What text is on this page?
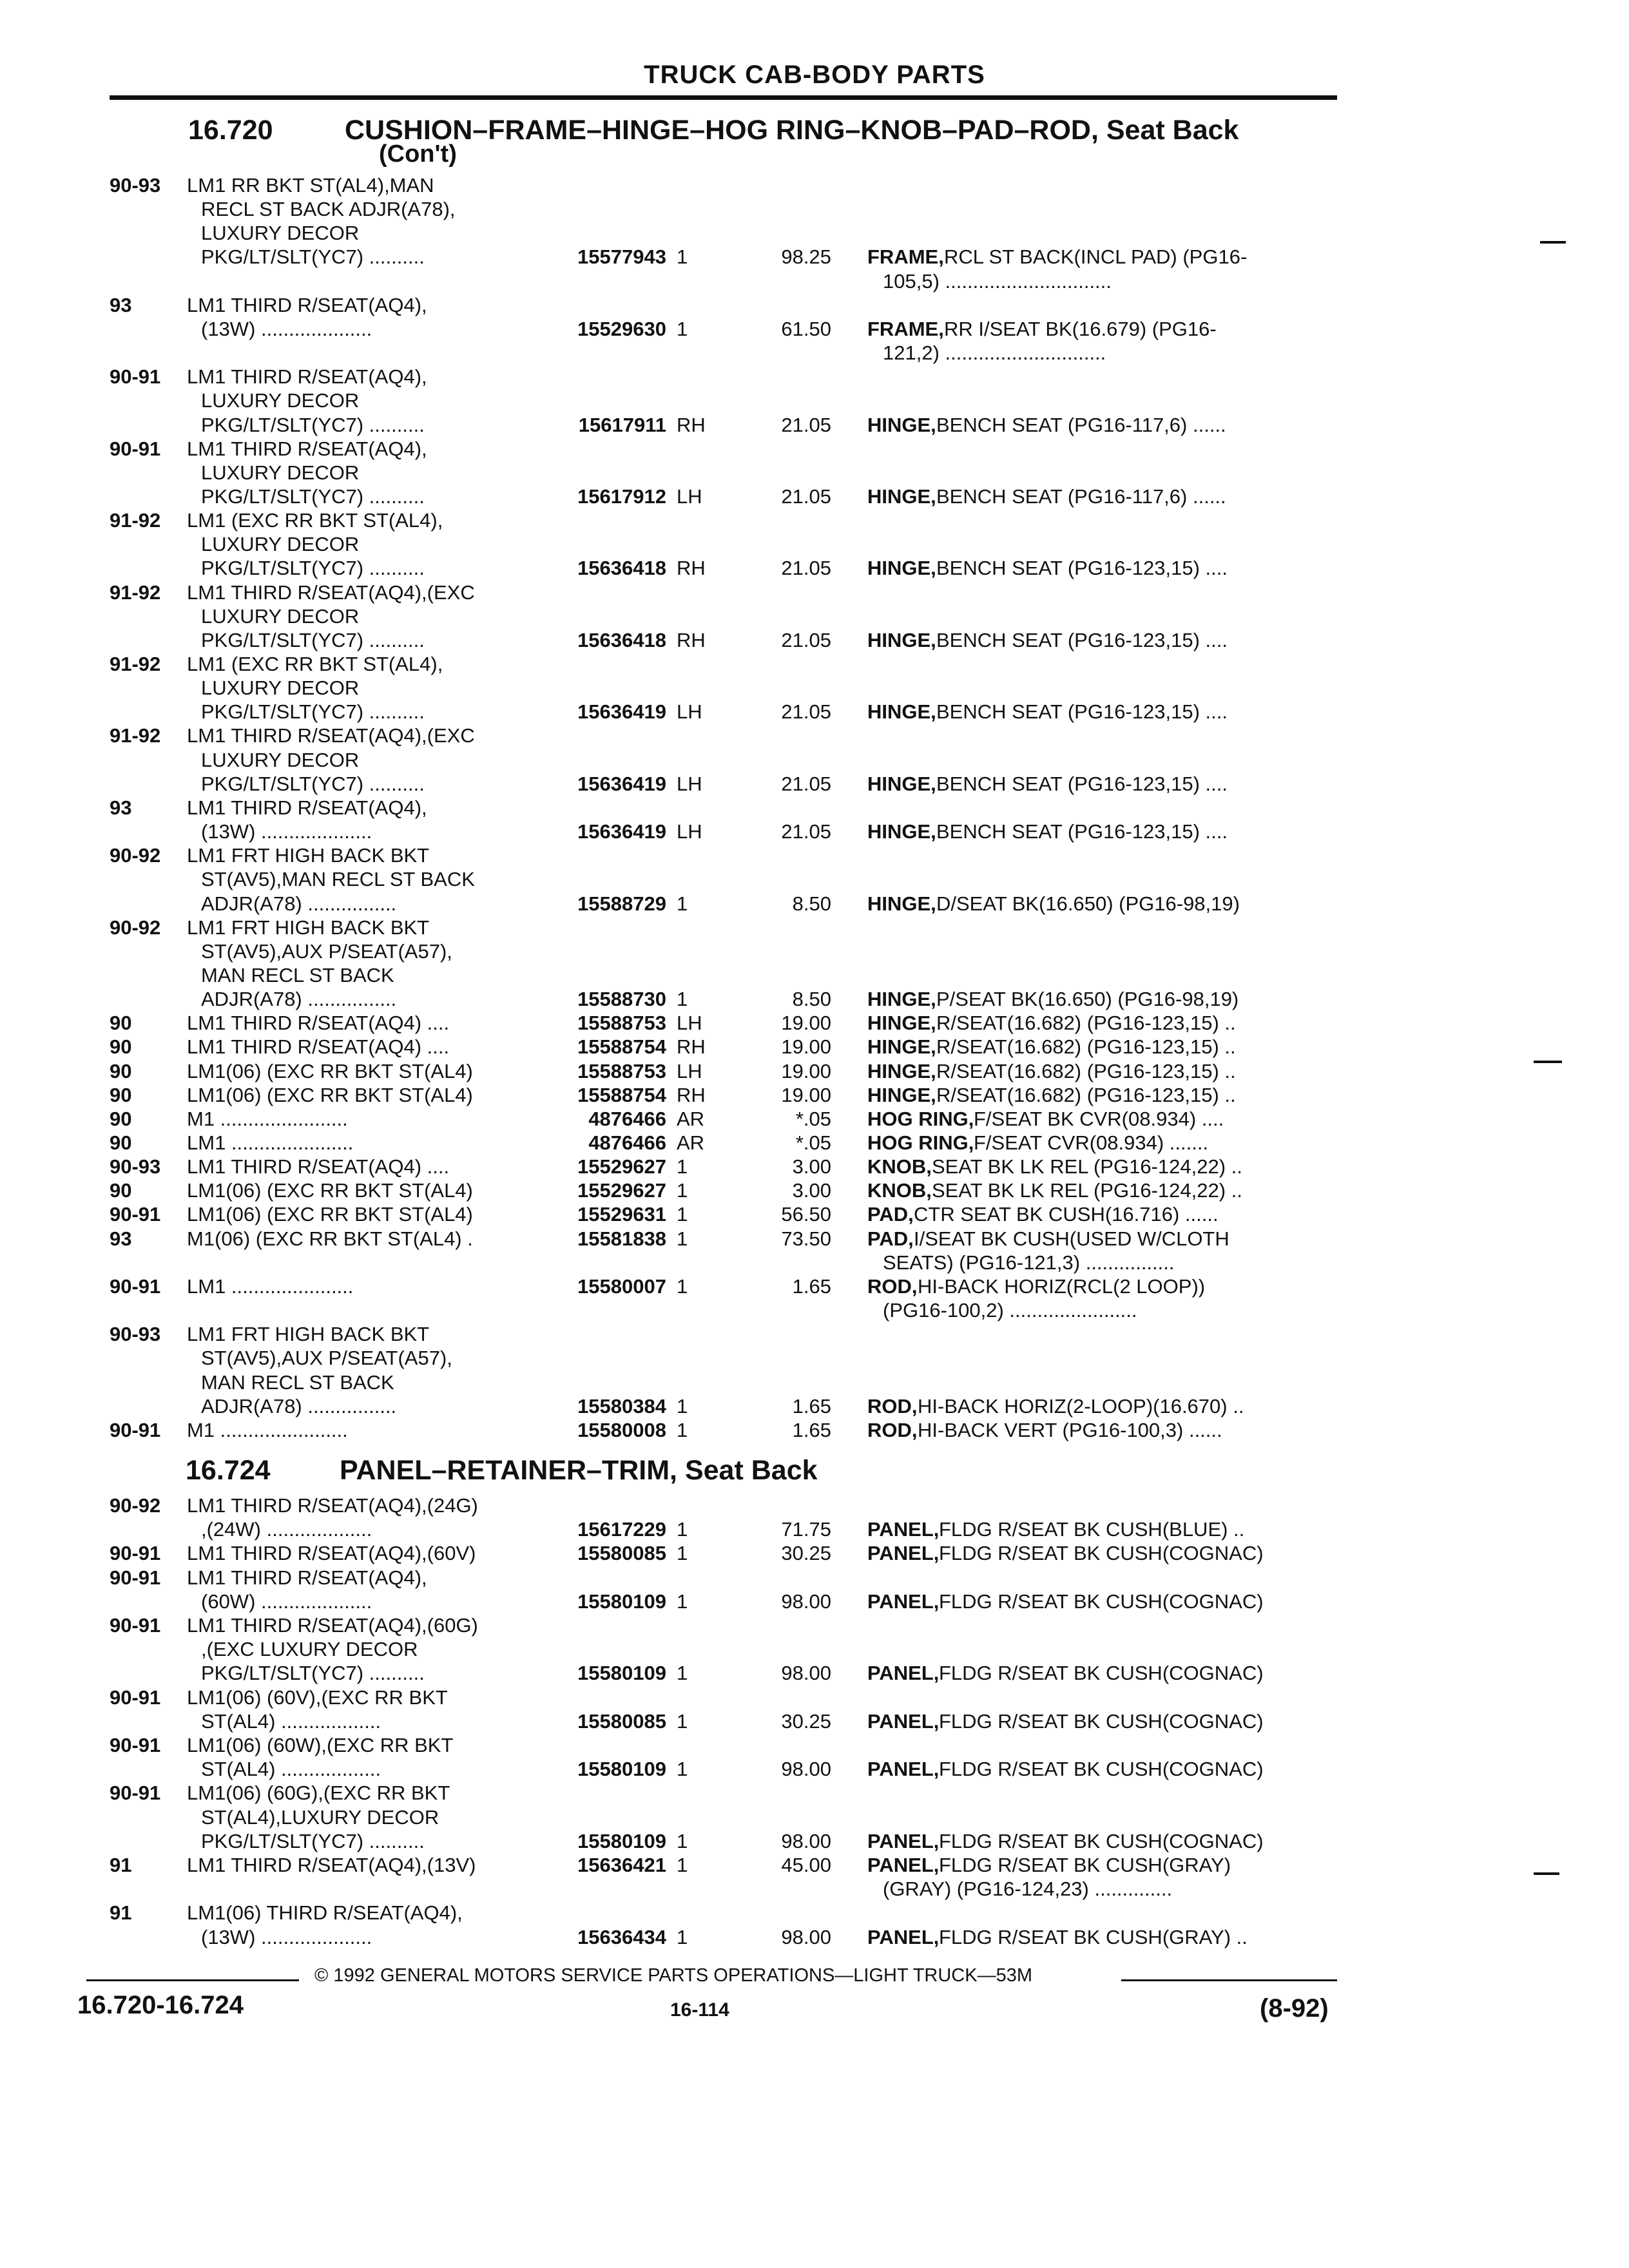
TRUCK CAB-BODY PARTS
16.720	CUSHION–FRAME–HINGE–HOG RING–KNOB–PAD–ROD, Seat Back
(Con't)
90-93 LM1 RR BKT ST(AL4),MAN
RECL ST BACK ADJR(A78),
LUXURY DECOR
PKG/LT/SLT(YC7) ..........	15577943 1	98.25 FRAME, RCL ST BACK(INCL PAD) (PG16-
105,5) ..............................
93	LM1 THIRD R/SEAT(AQ4),
(13W) ....................	15529630 1	61.50 FRAME, RR I/SEAT BK(16.679) (PG16-
121,2) .............................
90-91 LM1 THIRD R/SEAT(AQ4),
LUXURY DECOR
PKG/LT/SLT(YC7) ..........	15617911 RH	21.05 HINGE, BENCH SEAT (PG16-117,6) ......
90-91 LM1 THIRD R/SEAT(AQ4),
LUXURY DECOR
PKG/LT/SLT(YC7) ..........	15617912 LH	21.05 HINGE, BENCH SEAT (PG16-117,6) ......
91-92 LM1 (EXC RR BKT ST(AL4),
LUXURY DECOR
PKG/LT/SLT(YC7) ..........	15636418 RH	21.05 HINGE, BENCH SEAT (PG16-123,15) ....
91-92 LM1 THIRD R/SEAT(AQ4),(EXC
LUXURY DECOR
PKG/LT/SLT(YC7) ..........	15636418 RH	21.05 HINGE, BENCH SEAT (PG16-123,15) ....
91-92 LM1 (EXC RR BKT ST(AL4),
LUXURY DECOR
PKG/LT/SLT(YC7) ..........	15636419 LH	21.05 HINGE, BENCH SEAT (PG16-123,15) ....
91-92 LM1 THIRD R/SEAT(AQ4),(EXC
LUXURY DECOR
PKG/LT/SLT(YC7) ..........	15636419 LH	21.05 HINGE, BENCH SEAT (PG16-123,15) ....
93	LM1 THIRD R/SEAT(AQ4),
(13W) ....................	15636419 LH	21.05 HINGE, BENCH SEAT (PG16-123,15) ....
90-92 LM1 FRT HIGH BACK BKT
ST(AV5),MAN RECL ST BACK
ADJR(A78) ................	15588729 1	8.50 HINGE, D/SEAT BK(16.650) (PG16-98,19)
90-92 LM1 FRT HIGH BACK BKT
ST(AV5),AUX P/SEAT(A57),
MAN RECL ST BACK
ADJR(A78) ................	15588730 1	8.50 HINGE, P/SEAT BK(16.650) (PG16-98,19)
90	LM1 THIRD R/SEAT(AQ4) ....	15588753 LH	19.00 HINGE, R/SEAT(16.682) (PG16-123,15) ..
90	LM1 THIRD R/SEAT(AQ4) ....	15588754 RH	19.00 HINGE, R/SEAT(16.682) (PG16-123,15) ..
90	LM1(06) (EXC RR BKT ST(AL4)	15588753 LH	19.00 HINGE, R/SEAT(16.682) (PG16-123,15) ..
90	LM1(06) (EXC RR BKT ST(AL4)	15588754 RH	19.00 HINGE, R/SEAT(16.682) (PG16-123,15) ..
90	M1 .......................	4876466 AR	*.05 HOG RING, F/SEAT BK CVR(08.934) ....
90	LM1 ......................	4876466 AR	*.05 HOG RING, F/SEAT CVR(08.934) .......
90-93 LM1 THIRD R/SEAT(AQ4) ....	15529627 1	3.00 KNOB, SEAT BK LK REL (PG16-124,22) ..
90	LM1(06) (EXC RR BKT ST(AL4)	15529627 1	3.00 KNOB, SEAT BK LK REL (PG16-124,22) ..
90-91 LM1(06) (EXC RR BKT ST(AL4)	15529631 1	56.50 PAD, CTR SEAT BK CUSH(16.716) ......
93	M1(06) (EXC RR BKT ST(AL4) .	15581838 1	73.50 PAD, I/SEAT BK CUSH(USED W/CLOTH
SEATS) (PG16-121,3) ................
90-91 LM1 ......................	15580007 1	1.65 ROD, HI-BACK HORIZ(RCL(2 LOOP))
(PG16-100,2) .......................
90-93 LM1 FRT HIGH BACK BKT
ST(AV5),AUX P/SEAT(A57),
MAN RECL ST BACK
ADJR(A78) ................	15580384 1	1.65 ROD, HI-BACK HORIZ(2-LOOP)(16.670) ..
90-91 M1 .......................	15580008 1	1.65 ROD, HI-BACK VERT (PG16-100,3) ......
16.724 PANEL–RETAINER–TRIM, Seat Back
90-92 LM1 THIRD R/SEAT(AQ4),(24G)
,(24W) ...................	15617229 1	71.75 PANEL, FLDG R/SEAT BK CUSH(BLUE) ..
90-91 LM1 THIRD R/SEAT(AQ4),(60V)	15580085 1	30.25 PANEL, FLDG R/SEAT BK CUSH(COGNAC)
90-91 LM1 THIRD R/SEAT(AQ4),
(60W) ....................	15580109 1	98.00 PANEL, FLDG R/SEAT BK CUSH(COGNAC)
90-91 LM1 THIRD R/SEAT(AQ4),(60G)
,(EXC LUXURY DECOR
PKG/LT/SLT(YC7) ..........	15580109 1	98.00 PANEL, FLDG R/SEAT BK CUSH(COGNAC)
90-91 LM1(06) (60V),(EXC RR BKT
ST(AL4) ..................	15580085 1	30.25 PANEL, FLDG R/SEAT BK CUSH(COGNAC)
90-91 LM1(06) (60W),(EXC RR BKT
ST(AL4) ..................	15580109 1	98.00 PANEL, FLDG R/SEAT BK CUSH(COGNAC)
90-91 LM1(06) (60G),(EXC RR BKT
ST(AL4),LUXURY DECOR
PKG/LT/SLT(YC7) ..........	15580109 1	98.00 PANEL, FLDG R/SEAT BK CUSH(COGNAC)
91	LM1 THIRD R/SEAT(AQ4),(13V)	15636421 1	45.00 PANEL, FLDG R/SEAT BK CUSH(GRAY)
(GRAY) (PG16-124,23) ..............
91	LM1(06) THIRD R/SEAT(AQ4),
(13W) ....................	15636434 1	98.00 PANEL, FLDG R/SEAT BK CUSH(GRAY) ..
© 1992 GENERAL MOTORS SERVICE PARTS OPERATIONS—LIGHT TRUCK—53M
16.720-16.724	16-114	(8-92)
